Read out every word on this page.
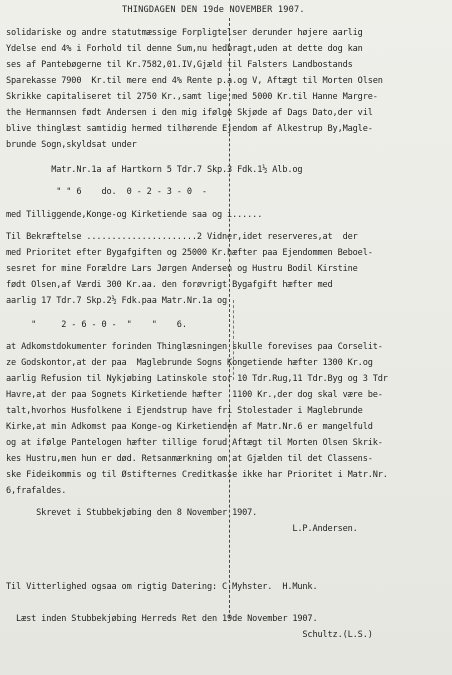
THINGDAGEN DEN 19de NOVEMBER 1907.
solidariske og andre statutmæssige Forpligtelser derunder højere aarlig
Ydelse end 4% i Forhold til denne Sum,nu hedbragt,uden at dette dog kan
ses af Pantebøgerne til Kr.7582,01.IV,Gjæld til Falsters Landbostands
Sparekasse 7900  Kr.til mere end 4% Rente p.a.og V, Aftægt til Morten Olsen
Skrikke capitaliseret til 2750 Kr.,samt lige med 5000 Kr.til Hanne Margre-
the Hermannsen født Andersen i den mig ifølge Skjøde af Dags Dato,der vil
blive thinglæst samtidig hermed tilhørende Ejendom af Alkestrup By,Magle-
brunde Sogn,skyldsat under
Matr.Nr.1a af Hartkorn 5 Tdr.7 Skp.3 Fdk.1½ Alb.og
" " 6    do.  0 - 2 - 3 - 0  -
med Tilliggende,Konge-og Kirketiende saa og i......
Til Bekræftelse ......................2 Vidner,idet reserveres,at  der
med Prioritet efter Bygafgiften og 25000 Kr.hæfter paa Ejendommen Beboel-
sesret for mine Forældre Lars Jørgen Andersen og Hustru Bodil Kirstine
født Olsen,af Værdi 300 Kr.aa. den forøvrigt Bygafgift hæfter med
aarlig 17 Tdr.7 Skp.2½ Fdk.paa Matr.Nr.1a og
"     2 - 6 - 0 -  "    "    6.
at Adkomstdokumenter forinden Thinglæsningen skulle forevises paa Corselit-
ze Godskontor,at der paa  Maglebrunde Sogns Kongetiende hæfter 1300 Kr.og
aarlig Refusion til Nykjøbing Latinskole stor 10 Tdr.Rug,11 Tdr.Byg og 3 Tdr
Havre,at der paa Sognets Kirketiende hæfter  1100 Kr.,der dog skal være be-
talt,hvorhos Husfolkene i Ejendstrup have fri Stolestader i Maglebrunde
Kirke,at min Adkomst paa Konge-og Kirketienden af Matr.Nr.6 er mangelfuld
og at ifølge Pantelogen hæfter tillige forud Aftægt til Morten Olsen Skrik-
kes Hustru,men hun er død. Retsanmærkning om at Gjælden til det Classens-
ske Fideikommis og til Østifternes Creditkasse ikke har Prioritet i Matr.Nr.
6,frafaldes.
Skrevet i Stubbekjøbing den 8 November 1907.
L.P.Andersen.
Til Vitterlighed ogsaa om rigtig Datering: C.Myhster.  H.Munk.
Læst inden Stubbekjøbing Herreds Ret den 19de November 1907.
Schultz.(L.S.)
